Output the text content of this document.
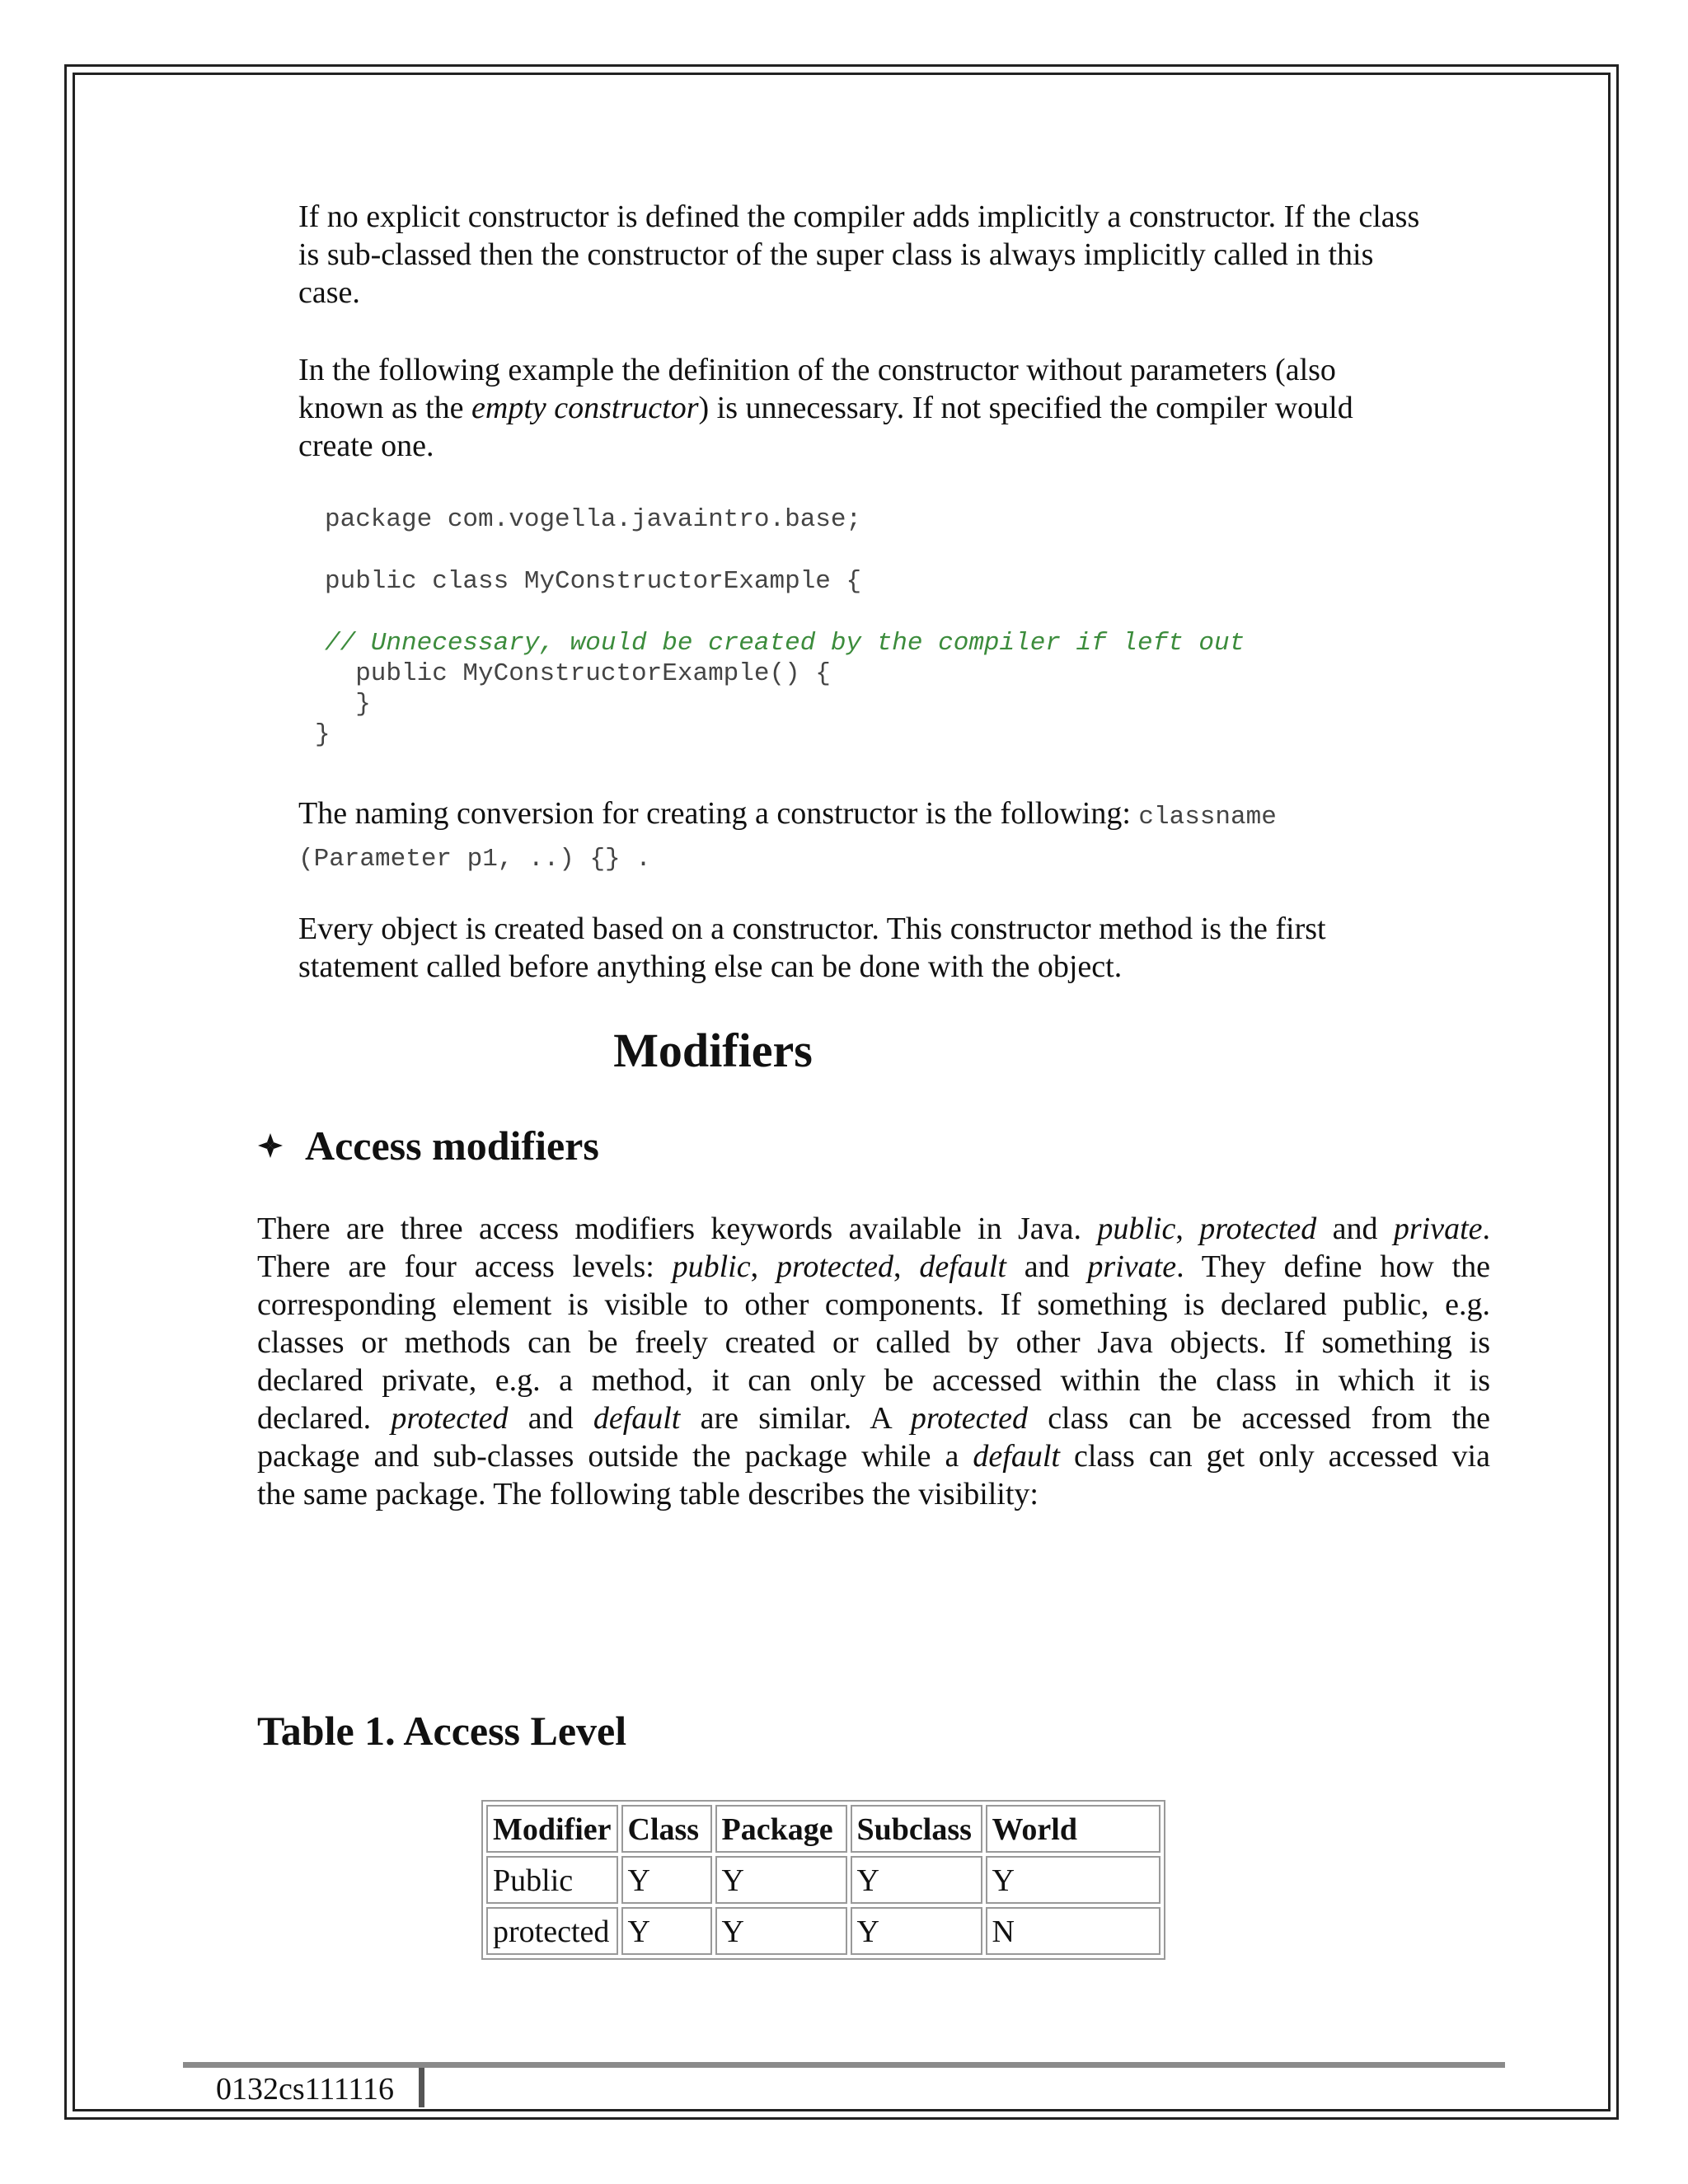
If no explicit constructor is defined the compiler adds implicitly a constructor. If the class
is sub-classed then the constructor of the super class is always implicitly called in this
case.

In the following example the definition of the constructor without parameters (also
known as the empty constructor) is unnecessary. If not specified the compiler would
create one.

package com.vogella.javaintro.base;
public class MyConstructorExample {
// Unnecessary, would be created by the compiler if left out
public MyConstructorExample() {
}
}

The naming conversion for creating a constructor is the following: classname
(Parameter p1, ..) {} .

Every object is created based on a constructor. This constructor method is the first
statement called before anything else can be done with the object.

Modifiers
Access modifiers

There are three access modifiers keywords available in Java. public, protected and private.
There are four access levels: public, protected, default and private. They define how the
corresponding element is visible to other components. If something is declared public, e.g.
classes or methods can be freely created or called by other Java objects. If something is
declared private, e.g. a method, it can only be accessed within the class in which it is
declared. protected and default are similar. A protected class can be accessed from the
package and sub-classes outside the package while a default class can get only accessed via
the same package. The following table describes the visibility:

Table 1. Access Level
Modifier	Class	Package	Subclass	World
Public	Y	Y	Y	Y
protected	Y	Y	Y	N

0132cs111116
